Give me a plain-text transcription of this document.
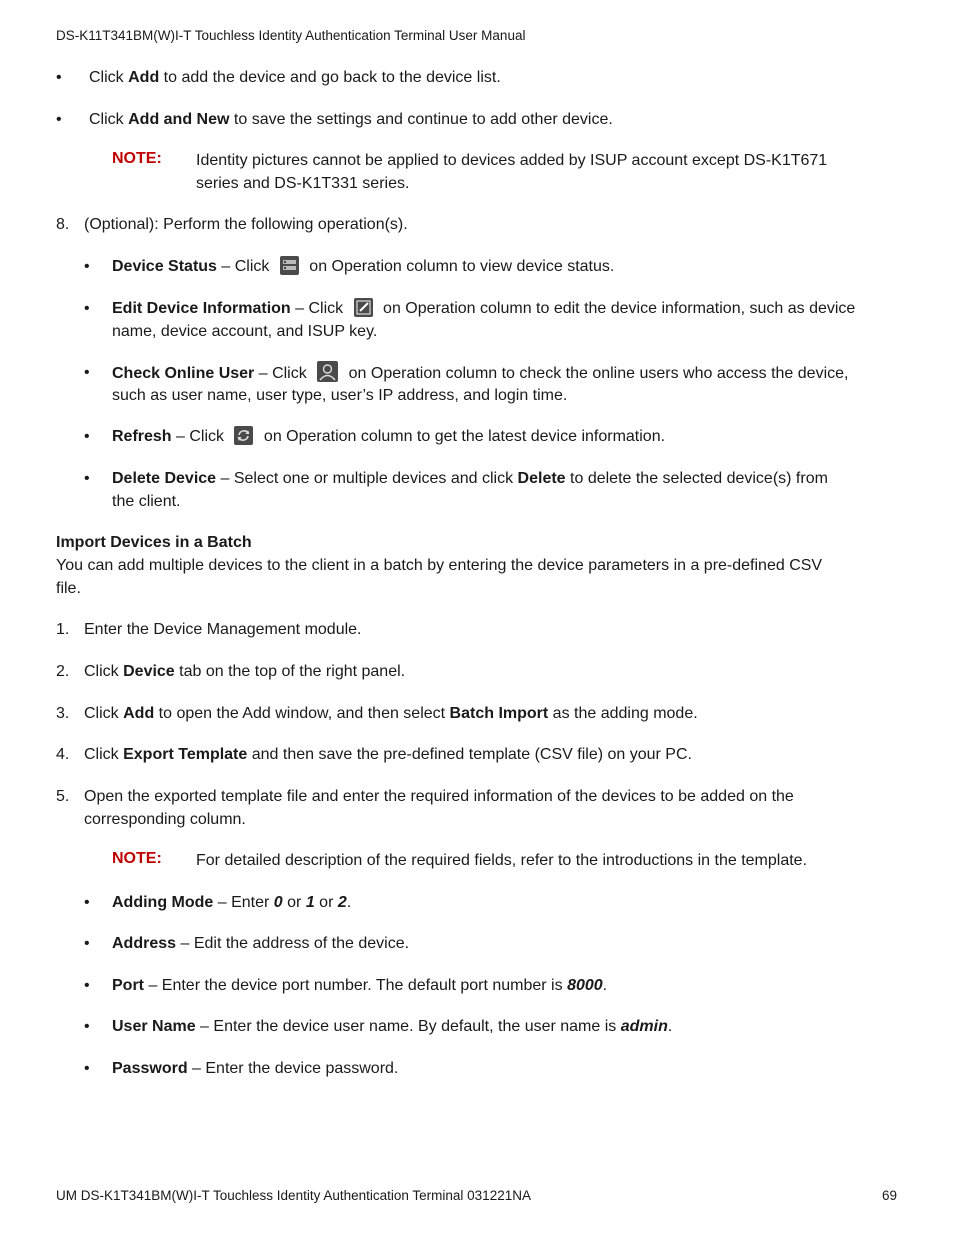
DS-K11T341BM(W)I-T Touchless Identity Authentication Terminal User Manual
• Click Add to add the device and go back to the device list.
• Click Add and New to save the settings and continue to add other device.
NOTE: Identity pictures cannot be applied to devices added by ISUP account except DS-K1T671
series and DS-K1T331 series.
8. (Optional): Perform the following operation(s).
• Device Status – Click
on Operation column to view device status.
• Edit Device Information – Click
on Operation column to edit the device information, such as device
name, device account, and ISUP key.
• Check Online User – Click
on Operation column to check the online users who access the device,
such as user name, user type, user’s IP address, and login time.
• Refresh – Click
on Operation column to get the latest device information.
• Delete Device – Select one or multiple devices and click Delete to delete the selected device(s) from
the client.
Import Devices in a Batch
You can add multiple devices to the client in a batch by entering the device parameters in a pre-defined CSV
file.
1. Enter the Device Management module.
2. Click Device tab on the top of the right panel.
3. Click Add to open the Add window, and then select Batch Import as the adding mode.
4. Click Export Template and then save the pre-defined template (CSV file) on your PC.
5. Open the exported template file and enter the required information of the devices to be added on the
corresponding column.
NOTE: For detailed description of the required fields, refer to the introductions in the template.
• Adding Mode – Enter 0 or 1 or 2.
• Address – Edit the address of the device.
• Port – Enter the device port number. The default port number is 8000.
• User Name – Enter the device user name. By default, the user name is admin.
• Password – Enter the device password.
UM DS-K1T341BM(W)I-T Touchless Identity Authentication Terminal 031221NA	69
